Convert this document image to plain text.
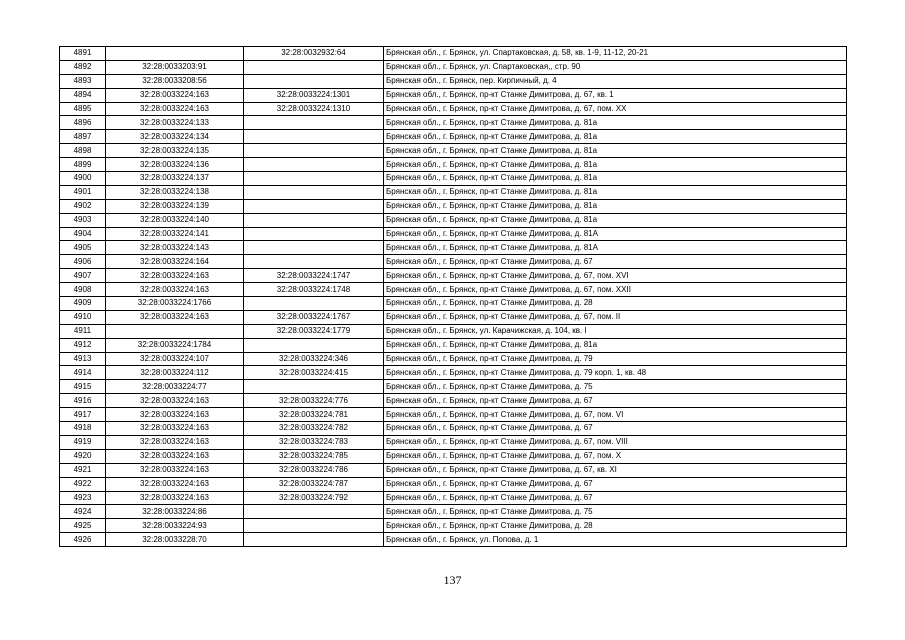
4891		32:28:0032932:64	Брянская обл., г. Брянск, ул. Спартаковская, д. 58, кв. 1-9, 11-12, 20-21
4892	32:28:0033203:91		Брянская обл., г. Брянск, ул. Спартаковская,, стр. 90
4893	32:28:0033208:56		Брянская обл., г. Брянск, пер. Кирпичный, д. 4
4894	32:28:0033224:163	32:28:0033224:1301	Брянская обл., г. Брянск, пр-кт Станке Димитрова, д. 67, кв. 1
4895	32:28:0033224:163	32:28:0033224:1310	Брянская обл., г. Брянск, пр-кт Станке Димитрова, д. 67, пом. XX
4896	32:28:0033224:133		Брянская обл., г. Брянск, пр-кт Станке Димитрова, д. 81а
4897	32:28:0033224:134		Брянская обл., г. Брянск, пр-кт Станке Димитрова, д. 81а
4898	32:28:0033224:135		Брянская обл., г. Брянск, пр-кт Станке Димитрова, д. 81а
4899	32:28:0033224:136		Брянская обл., г. Брянск, пр-кт Станке Димитрова, д. 81а
4900	32:28:0033224:137		Брянская обл., г. Брянск, пр-кт Станке Димитрова, д. 81а
4901	32:28:0033224:138		Брянская обл., г. Брянск, пр-кт Станке Димитрова, д. 81а
4902	32:28:0033224:139		Брянская обл., г. Брянск, пр-кт Станке Димитрова, д. 81а
4903	32:28:0033224:140		Брянская обл., г. Брянск, пр-кт Станке Димитрова, д. 81а
4904	32:28:0033224:141		Брянская обл., г. Брянск, пр-кт Станке Димитрова, д. 81А
4905	32:28:0033224:143		Брянская обл., г. Брянск, пр-кт Станке Димитрова, д. 81А
4906	32:28:0033224:164		Брянская обл., г. Брянск, пр-кт Станке Димитрова, д. 67
4907	32:28:0033224:163	32:28:0033224:1747	Брянская обл., г. Брянск, пр-кт Станке Димитрова, д. 67, пом. XVI
4908	32:28:0033224:163	32:28:0033224:1748	Брянская обл., г. Брянск, пр-кт Станке Димитрова, д. 67, пом. XXII
4909	32:28:0033224:1766		Брянская обл., г. Брянск, пр-кт Станке Димитрова, д. 28
4910	32:28:0033224:163	32:28:0033224:1767	Брянская обл., г. Брянск, пр-кт Станке Димитрова, д. 67, пом. II
4911		32:28:0033224:1779	Брянская обл., г. Брянск, ул. Карачижская, д. 104, кв. I
4912	32:28:0033224:1784		Брянская обл., г. Брянск, пр-кт Станке Димитрова, д. 81а
4913	32:28:0033224:107	32:28:0033224:346	Брянская обл., г. Брянск, пр-кт Станке Димитрова, д. 79
4914	32:28:0033224:112	32:28:0033224:415	Брянская обл., г. Брянск, пр-кт Станке Димитрова, д. 79 корп. 1, кв. 48
4915	32:28:0033224:77		Брянская обл., г. Брянск, пр-кт Станке Димитрова, д. 75
4916	32:28:0033224:163	32:28:0033224:776	Брянская обл., г. Брянск, пр-кт Станке Димитрова, д. 67
4917	32:28:0033224:163	32:28:0033224:781	Брянская обл., г. Брянск, пр-кт Станке Димитрова, д. 67, пом. VI
4918	32:28:0033224:163	32:28:0033224:782	Брянская обл., г. Брянск, пр-кт Станке Димитрова, д. 67
4919	32:28:0033224:163	32:28:0033224:783	Брянская обл., г. Брянск, пр-кт Станке Димитрова, д. 67, пом. VIII
4920	32:28:0033224:163	32:28:0033224:785	Брянская обл., г. Брянск, пр-кт Станке Димитрова, д. 67, пом. X
4921	32:28:0033224:163	32:28:0033224:786	Брянская обл., г. Брянск, пр-кт Станке Димитрова, д. 67, кв. XI
4922	32:28:0033224:163	32:28:0033224:787	Брянская обл., г. Брянск, пр-кт Станке Димитрова, д. 67
4923	32:28:0033224:163	32:28:0033224:792	Брянская обл., г. Брянск, пр-кт Станке Димитрова, д. 67
4924	32:28:0033224:86		Брянская обл., г. Брянск, пр-кт Станке Димитрова, д. 75
4925	32:28:0033224:93		Брянская обл., г. Брянск, пр-кт Станке Димитрова, д. 28
4926	32:28:0033228:70		Брянская обл., г. Брянск, ул. Попова, д. 1
137
